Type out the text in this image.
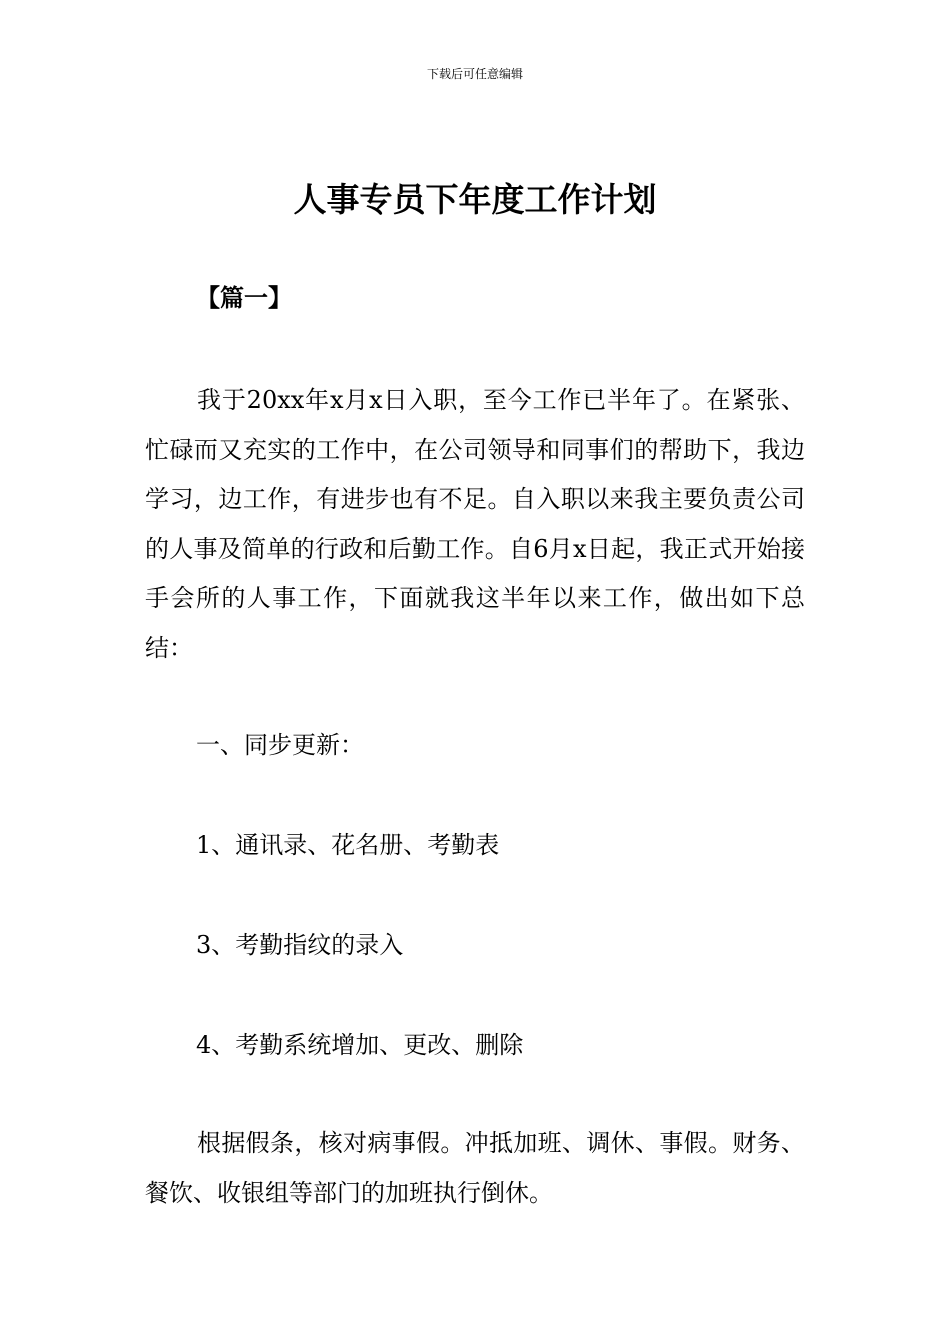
下载后可任意编辑
人事专员下年度工作计划
【篇一】

我于20xx年x月x日入职，至今工作已半年了。在紧张、忙碌而又充实的工作中，在公司领导和同事们的帮助下，我边学习，边工作，有进步也有不足。自入职以来我主要负责公司的人事及简单的行政和后勤工作。自6月x日起，我正式开始接手会所的人事工作，下面就我这半年以来工作，做出如下总结：

一、同步更新：

1、通讯录、花名册、考勤表

3、考勤指纹的录入

4、考勤系统增加、更改、删除

根据假条，核对病事假。冲抵加班、调休、事假。财务、餐饮、收银组等部门的加班执行倒休。
